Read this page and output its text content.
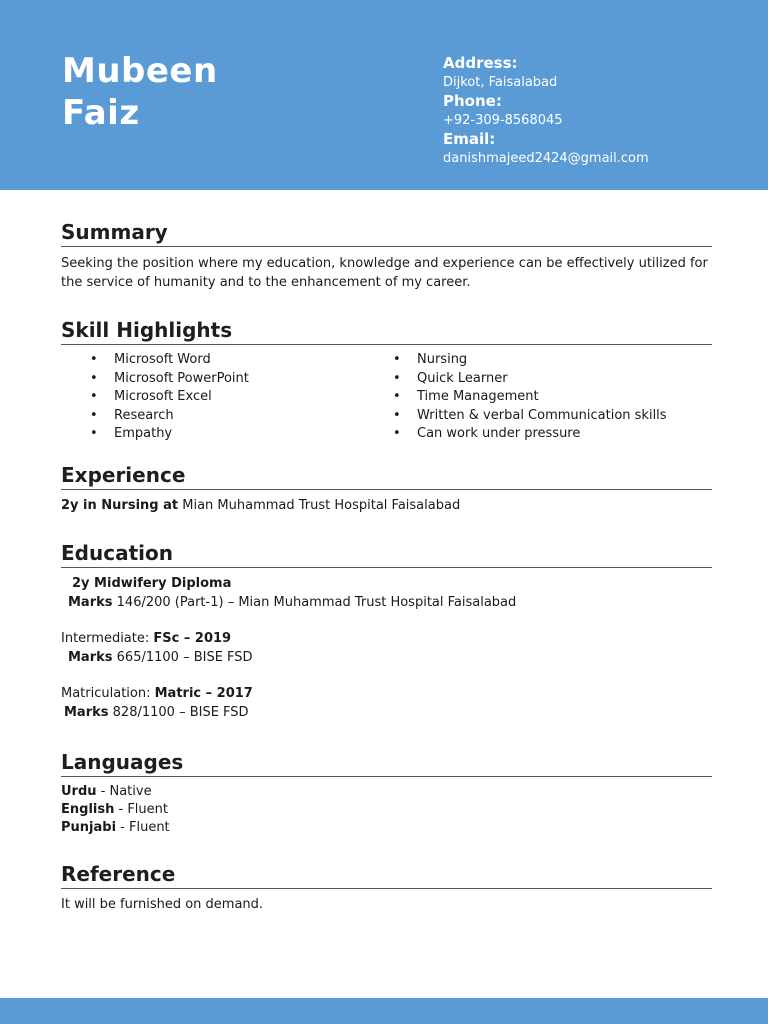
Mubeen
Faiz
Address:
Dijkot, Faisalabad
Phone:
+92-309-8568045
Email:
danishmajeed2424@gmail.com
Summary
Seeking the position where my education, knowledge and experience can be effectively utilized for the service of humanity and to the enhancement of my career.
Skill Highlights
• Microsoft Word
• Microsoft PowerPoint
• Microsoft Excel
• Research
• Empathy
• Nursing
• Quick Learner
• Time Management
• Written & verbal Communication skills
• Can work under pressure
Experience
2y in Nursing at Mian Muhammad Trust Hospital Faisalabad
Education
2y Midwifery Diploma
Marks 146/200 (Part-1) – Mian Muhammad Trust Hospital Faisalabad
Intermediate: FSc – 2019
Marks 665/1100 – BISE FSD
Matriculation: Matric – 2017
Marks 828/1100 – BISE FSD
Languages
Urdu - Native
English - Fluent
Punjabi - Fluent
Reference
It will be furnished on demand.
